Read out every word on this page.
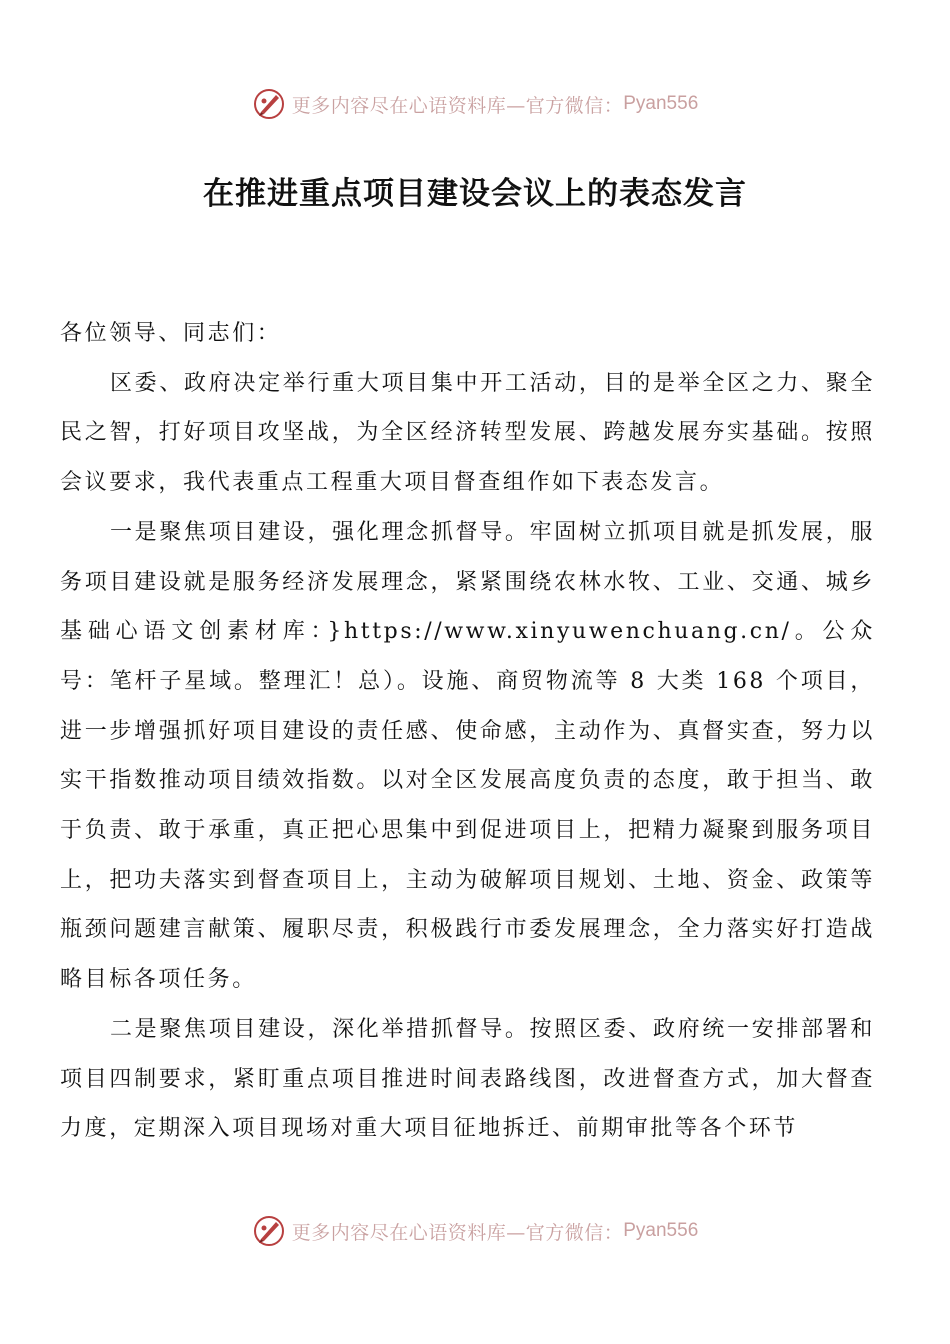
更多内容尽在心语资料库—官方微信： Pyan556
在推进重点项目建设会议上的表态发言

各位领导、同志们：

区委、政府决定举行重大项目集中开工活动，目的是举全区之力、聚全民之智，打好项目攻坚战，为全区经济转型发展、跨越发展夯实基础。按照会议要求，我代表重点工程重大项目督查组作如下表态发言。

一是聚焦项目建设，强化理念抓督导。牢固树立抓项目就是抓发展，服务项目建设就是服务经济发展理念，紧紧围绕农林水牧、工业、交通、城乡基础心语文创素材库：}https://www.xinyuwenchuang.cn/。公众号：笔杆子星域。整理汇！总）。设施、商贸物流等 8 大类 168 个项目，进一步增强抓好项目建设的责任感、使命感，主动作为、真督实查，努力以实干指数推动项目绩效指数。以对全区发展高度负责的态度，敢于担当、敢于负责、敢于承重，真正把心思集中到促进项目上，把精力凝聚到服务项目上，把功夫落实到督查项目上，主动为破解项目规划、土地、资金、政策等瓶颈问题建言献策、履职尽责，积极践行市委发展理念，全力落实好打造战略目标各项任务。

二是聚焦项目建设，深化举措抓督导。按照区委、政府统一安排部署和项目四制要求，紧盯重点项目推进时间表路线图，改进督查方式，加大督查力度，定期深入项目现场对重大项目征地拆迁、前期审批等各个环节

更多内容尽在心语资料库—官方微信： Pyan556
